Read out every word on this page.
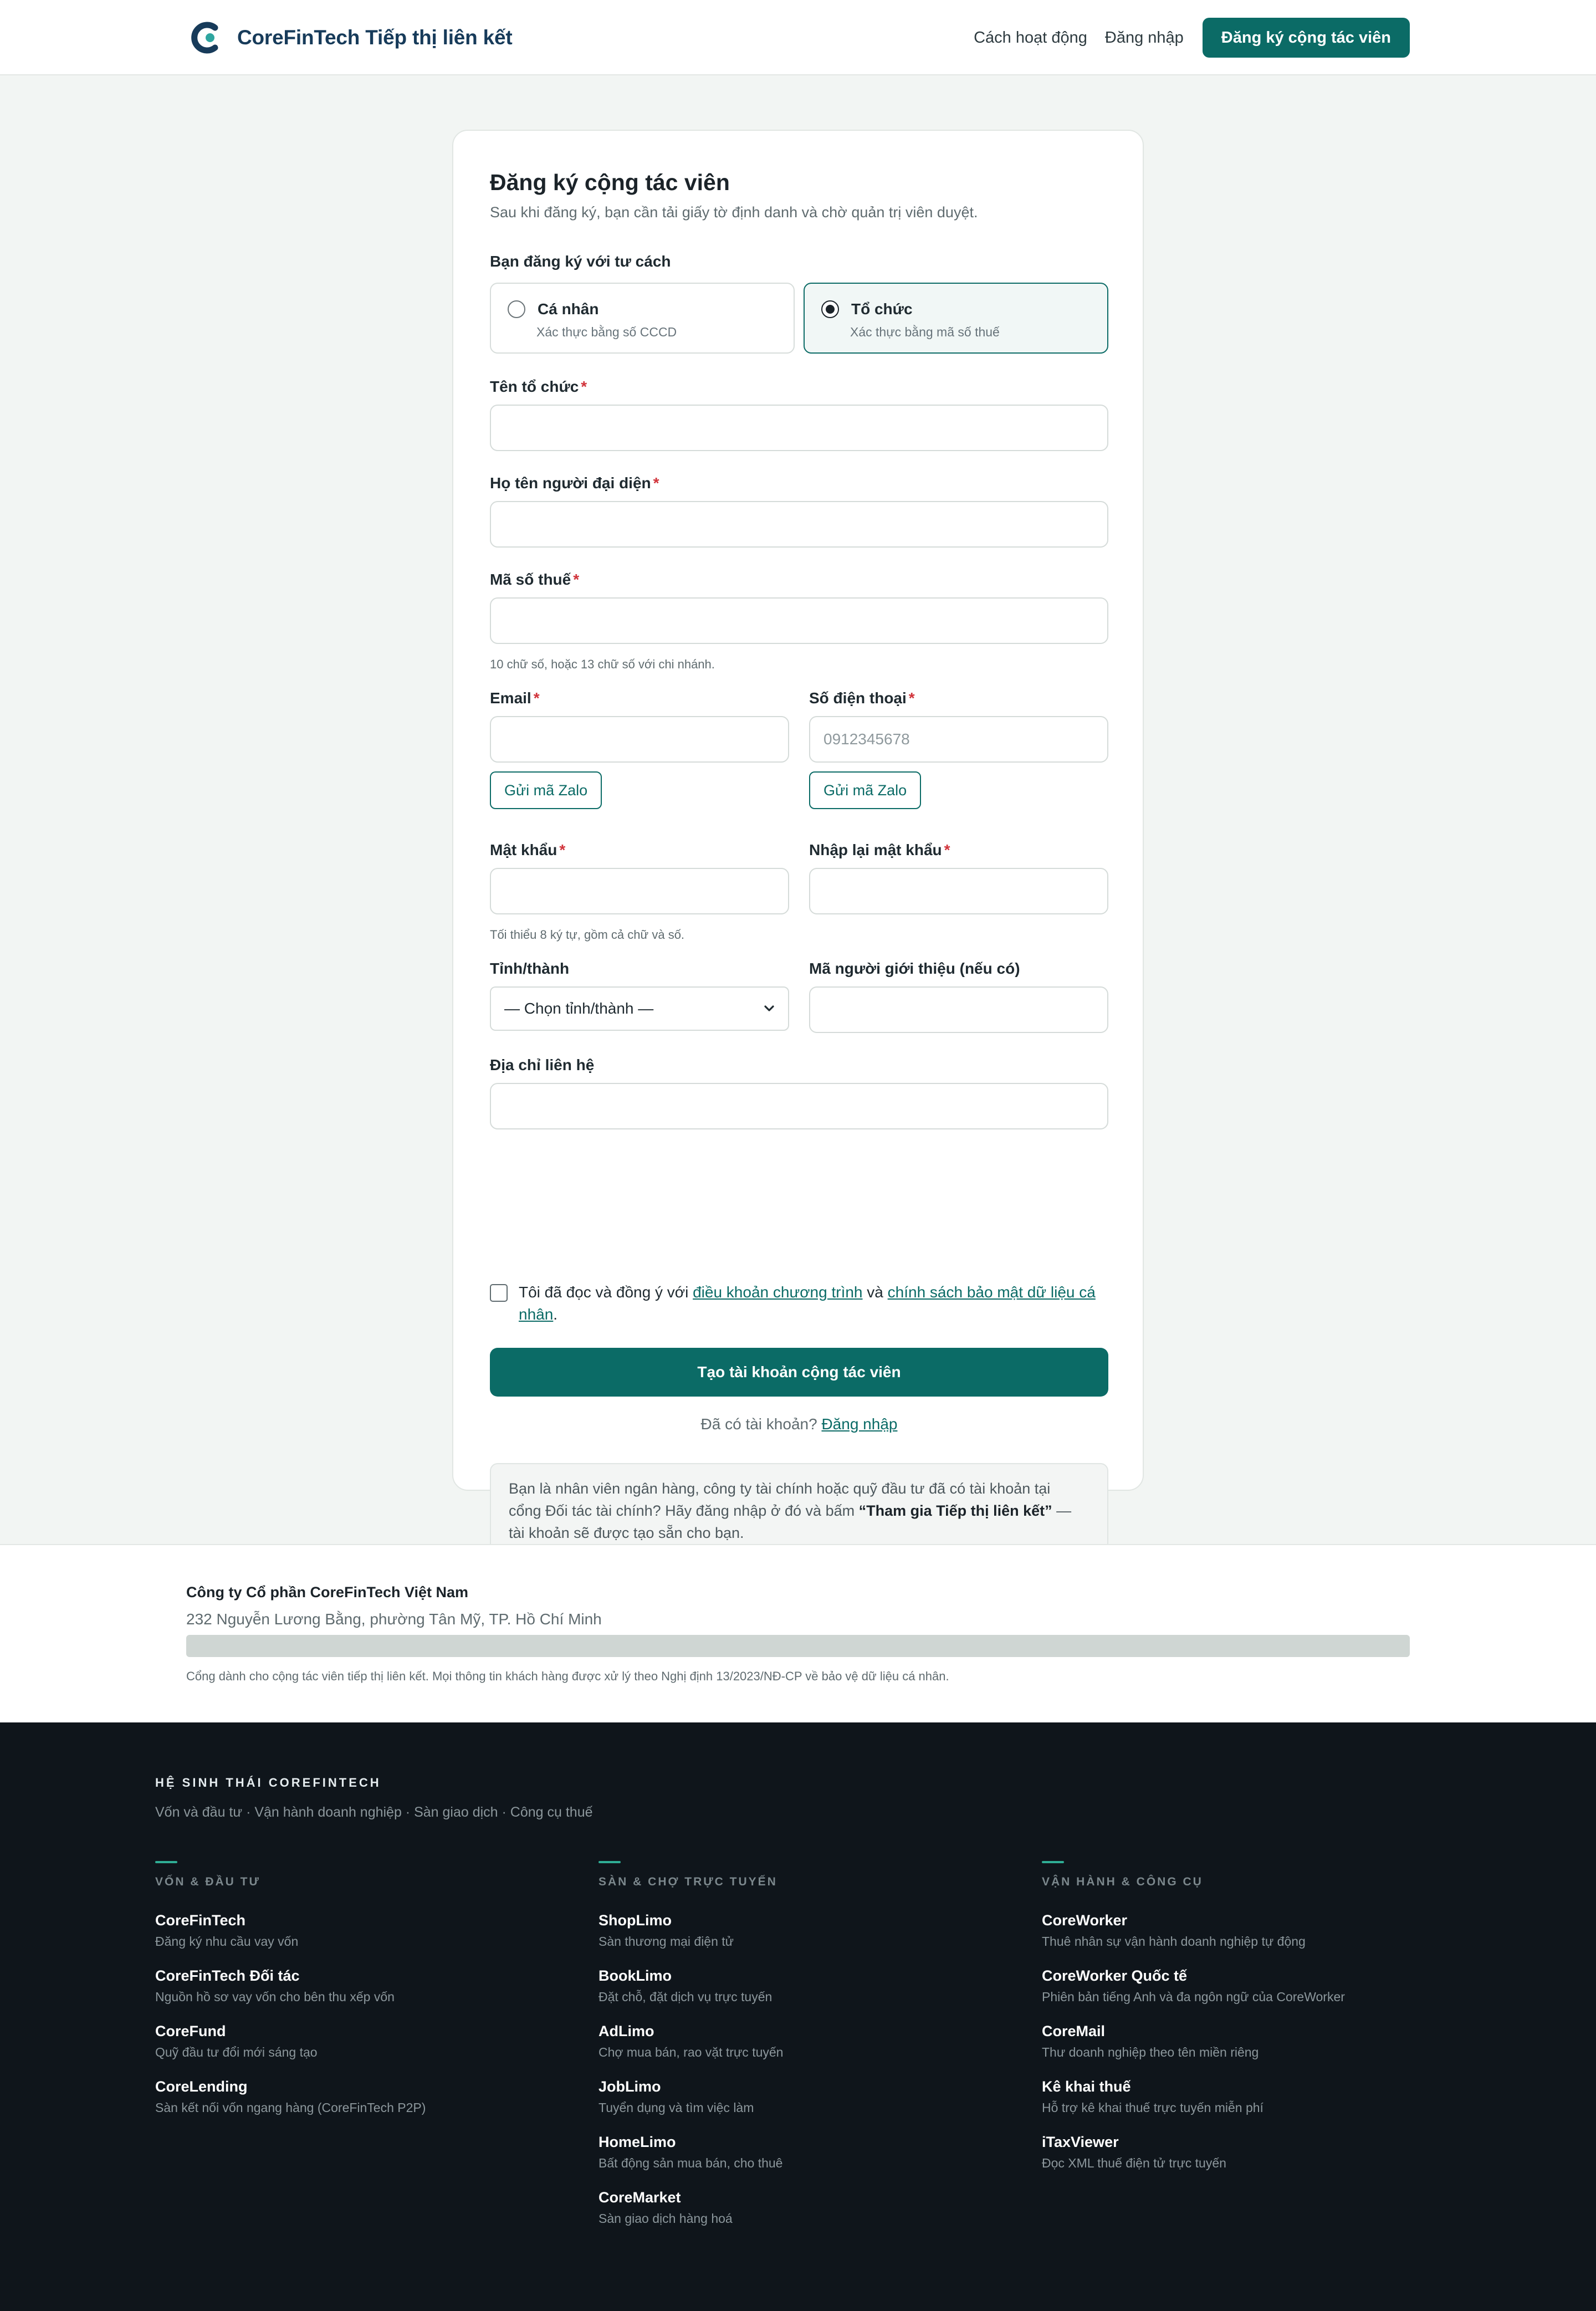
CoreFinTech Tiếp thị liên kết	Cách hoạt động Đăng nhập	Đăng ký cộng tác viên
Đăng ký cộng tác viên

Sau khi đăng ký, bạn cần tải giấy tờ định danh và chờ quản trị viên duyệt.

Bạn đăng ký với tư cách
Cá nhân
Xác thực bằng số CCCD
Tổ chức
Xác thực bằng mã số thuế
Tên tổ chức *
Họ tên người đại diện *
Mã số thuế *
10 chữ số, hoặc 13 chữ số với chi nhánh.
Email *	Số điện thoại *
0912345678
Gửi mã Zalo	Gửi mã Zalo
Mật khẩu *	Nhập lại mật khẩu *
Tối thiểu 8 ký tự, gồm cả chữ và số.
Tỉnh/thành	Mã người giới thiệu (nếu có)
— Chọn tỉnh/thành —
Địa chỉ liên hệ

Tôi đã đọc và đồng ý với điều khoản chương trình và chính sách bảo mật dữ liệu cá nhân.

Tạo tài khoản cộng tác viên

Đã có tài khoản? Đăng nhập

Bạn là nhân viên ngân hàng, công ty tài chính hoặc quỹ đầu tư đã có tài khoản tại cổng Đối tác tài chính? Hãy đăng nhập ở đó và bấm “Tham gia Tiếp thị liên kết” — tài khoản sẽ được tạo sẵn cho bạn.

Công ty Cổ phần CoreFinTech Việt Nam
232 Nguyễn Lương Bằng, phường Tân Mỹ, TP. Hồ Chí Minh
Cổng dành cho cộng tác viên tiếp thị liên kết. Mọi thông tin khách hàng được xử lý theo Nghị định 13/2023/NĐ-CP về bảo vệ dữ liệu cá nhân.
HỆ SINH THÁI COREFINTECH
Vốn và đầu tư · Vận hành doanh nghiệp · Sàn giao dịch · Công cụ thuế
VỐN & ĐẦU TƯ
CoreFinTech
Đăng ký nhu cầu vay vốn
CoreFinTech Đối tác
Nguồn hồ sơ vay vốn cho bên thu xếp vốn
CoreFund
Quỹ đầu tư đổi mới sáng tạo
CoreLending
Sàn kết nối vốn ngang hàng (CoreFinTech P2P)
SÀN & CHỢ TRỰC TUYẾN
ShopLimo
Sàn thương mại điện tử
BookLimo
Đặt chỗ, đặt dịch vụ trực tuyến
AdLimo
Chợ mua bán, rao vặt trực tuyến
JobLimo
Tuyển dụng và tìm việc làm
HomeLimo
Bất động sản mua bán, cho thuê
CoreMarket
Sàn giao dịch hàng hoá
VẬN HÀNH & CÔNG CỤ
CoreWorker
Thuê nhân sự vận hành doanh nghiệp tự động
CoreWorker Quốc tế
Phiên bản tiếng Anh và đa ngôn ngữ của CoreWorker
CoreMail
Thư doanh nghiệp theo tên miền riêng
Kê khai thuế
Hỗ trợ kê khai thuế trực tuyến miễn phí
iTaxViewer
Đọc XML thuế điện tử trực tuyến
